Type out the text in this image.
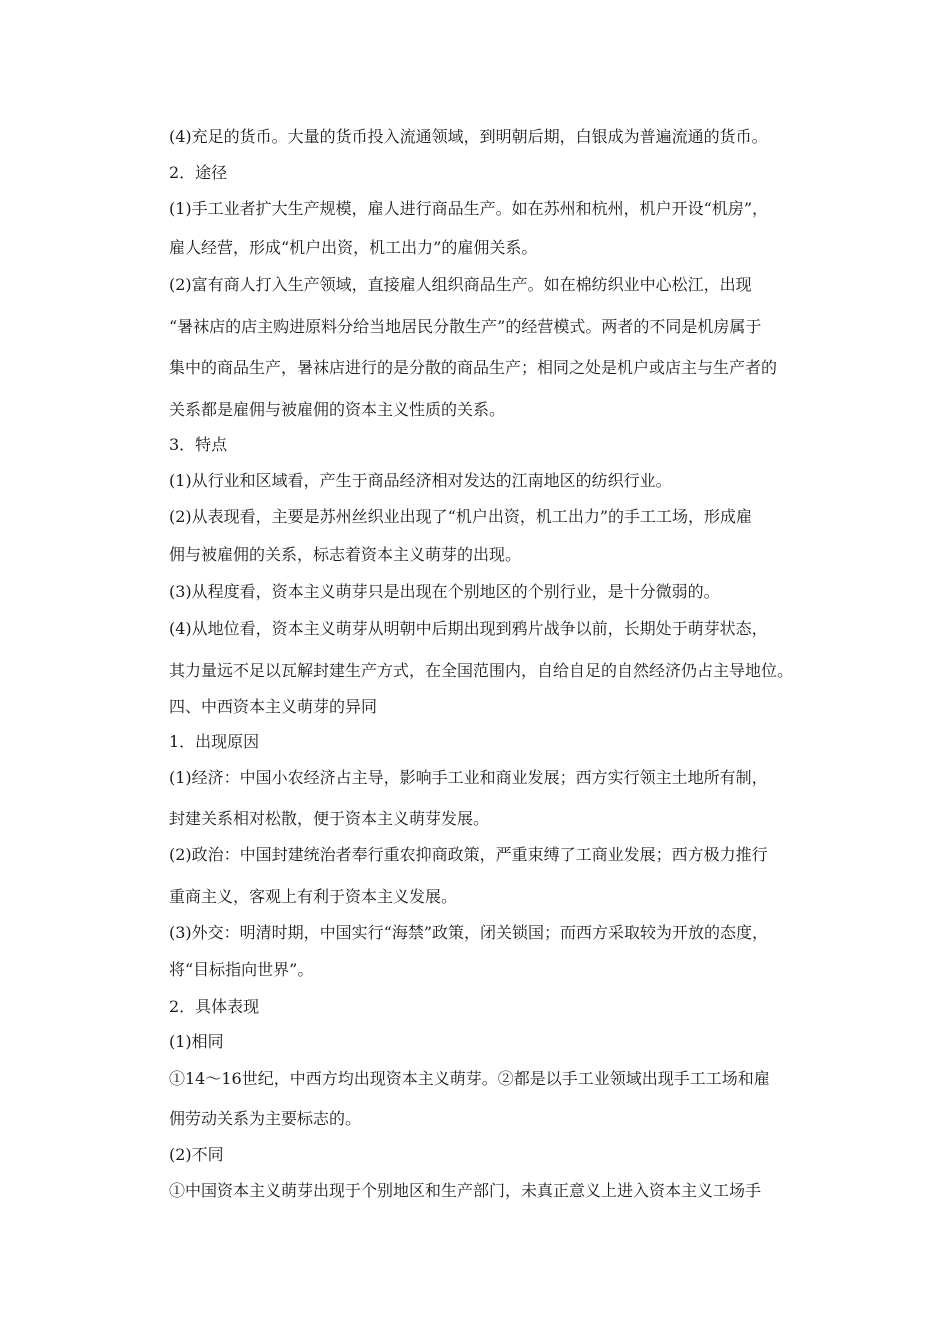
(4)充足的货币。大量的货币投入流通领域，到明朝后期，白银成为普遍流通的货币。
2．途径
(1)手工业者扩大生产规模，雇人进行商品生产。如在苏州和杭州，机户开设“机房”，
雇人经营，形成“机户出资，机工出力”的雇佣关系。
(2)富有商人打入生产领域，直接雇人组织商品生产。如在棉纺织业中心松江，出现
“暑袜店的店主购进原料分给当地居民分散生产”的经营模式。两者的不同是机房属于
集中的商品生产，暑袜店进行的是分散的商品生产；相同之处是机户或店主与生产者的
关系都是雇佣与被雇佣的资本主义性质的关系。
3．特点
(1)从行业和区域看，产生于商品经济相对发达的江南地区的纺织行业。
(2)从表现看，主要是苏州丝织业出现了“机户出资，机工出力”的手工工场，形成雇
佣与被雇佣的关系，标志着资本主义萌芽的出现。
(3)从程度看，资本主义萌芽只是出现在个别地区的个别行业，是十分微弱的。
(4)从地位看，资本主义萌芽从明朝中后期出现到鸦片战争以前，长期处于萌芽状态，
其力量远不足以瓦解封建生产方式，在全国范围内，自给自足的自然经济仍占主导地位。
四、中西资本主义萌芽的异同
1．出现原因
(1)经济：中国小农经济占主导，影响手工业和商业发展；西方实行领主土地所有制，
封建关系相对松散，便于资本主义萌芽发展。
(2)政治：中国封建统治者奉行重农抑商政策，严重束缚了工商业发展；西方极力推行
重商主义，客观上有利于资本主义发展。
(3)外交：明清时期，中国实行“海禁”政策，闭关锁国；而西方采取较为开放的态度，
将“目标指向世界”。
2．具体表现
(1)相同
①14～16世纪，中西方均出现资本主义萌芽。②都是以手工业领域出现手工工场和雇
佣劳动关系为主要标志的。
(2)不同
①中国资本主义萌芽出现于个别地区和生产部门，未真正意义上进入资本主义工场手
